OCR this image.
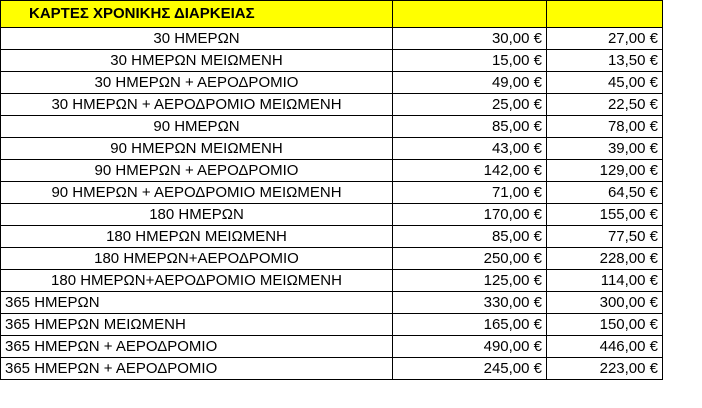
ΚΑΡΤΕΣ ΧΡΟΝΙΚΗΣ ΔΙΑΡΚΕΙΑΣ		
30 ΗΜΕΡΩΝ	30,00 €	27,00 €
30 ΗΜΕΡΩΝ ΜΕΙΩΜΕΝΗ	15,00 €	13,50 €
30 ΗΜΕΡΩΝ + ΑΕΡΟΔΡΟΜΙΟ	49,00 €	45,00 €
30 ΗΜΕΡΩΝ + ΑΕΡΟΔΡΟΜΙΟ ΜΕΙΩΜΕΝΗ	25,00 €	22,50 €
90 ΗΜΕΡΩΝ	85,00 €	78,00 €
90 ΗΜΕΡΩΝ ΜΕΙΩΜΕΝΗ	43,00 €	39,00 €
90 ΗΜΕΡΩΝ + ΑΕΡΟΔΡΟΜΙΟ	142,00 €	129,00 €
90 ΗΜΕΡΩΝ + ΑΕΡΟΔΡΟΜΙΟ ΜΕΙΩΜΕΝΗ	71,00 €	64,50 €
180 ΗΜΕΡΩΝ	170,00 €	155,00 €
180 ΗΜΕΡΩΝ ΜΕΙΩΜΕΝΗ	85,00 €	77,50 €
180 ΗΜΕΡΩΝ+ΑΕΡΟΔΡΟΜΙΟ	250,00 €	228,00 €
180 ΗΜΕΡΩΝ+ΑΕΡΟΔΡΟΜΙΟ ΜΕΙΩΜΕΝΗ	125,00 €	114,00 €
365 ΗΜΕΡΩΝ	330,00 €	300,00 €
365 ΗΜΕΡΩΝ ΜΕΙΩΜΕΝΗ	165,00 €	150,00 €
365 ΗΜΕΡΩΝ + ΑΕΡΟΔΡΟΜΙΟ	490,00 €	446,00 €
365 ΗΜΕΡΩΝ + ΑΕΡΟΔΡΟΜΙΟ	245,00 €	223,00 €
